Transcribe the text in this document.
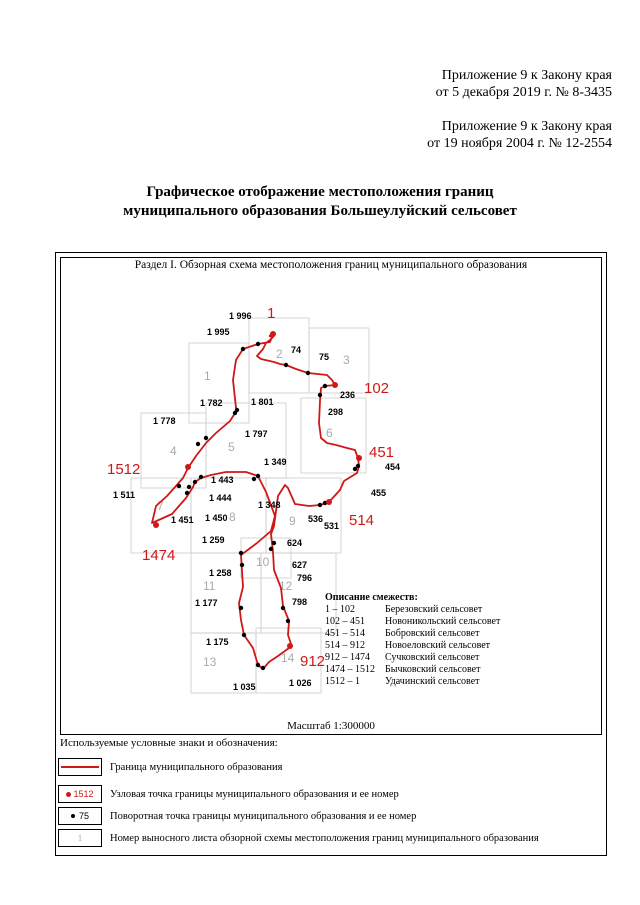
Приложение 9 к Закону края
от 5 декабря 2019 г. № 8-3435
Приложение 9 к Закону края
от 19 ноября 2004 г. № 12-2554
Графическое отображение местоположения границ
муниципального образования Большеулуйский сельсовет
Раздел I. Обзорная схема местоположения границ муниципального образования
1
2	3
4	5
6
7
8	9
10
11	12
13	14
1 996
1 995
74
75
236
298
1 801
1 782
1 797
1 778
454
455
1 349
1 443
1 444
1 450
1 451
1 511
1 348
536
531
624
627
1 259
1 258
1 177
796
798
1 175
1 035	1 026
1
102
451
514
912
1474
1512
Описание смежеств:
1 – 102	Березовский сельсовет
102 – 451	Новоникольский сельсовет
451 – 514	Бобровский сельсовет
514 – 912	Новоеловский сельсовет
912 – 1474	Сучковский сельсовет
1474 – 1512	Бычковский сельсовет
1512 – 1	Удачинский сельсовет
Масштаб 1:300000
Используемые условные знаки и обозначения:
Граница муниципального образования
1512 Узловая точка границы муниципального образования и ее номер
75 Поворотная точка границы муниципального образования и ее номер
1	Номер выносного листа обзорной схемы местоположения границ муниципального образования
